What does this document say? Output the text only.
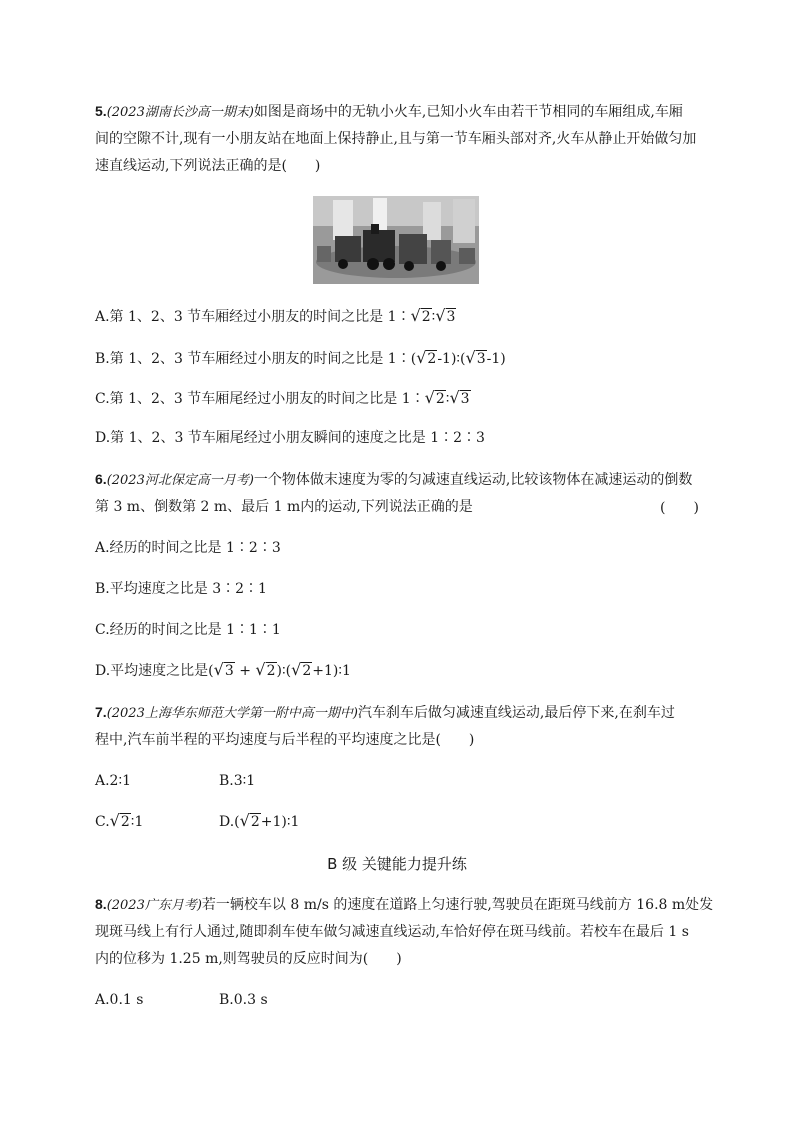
5.(2023湖南长沙高一期末)如图是商场中的无轨小火车,已知小火车由若干节相同的车厢组成,车厢
间的空隙不计,现有一小朋友站在地面上保持静止,且与第一节车厢头部对齐,火车从静止开始做匀加
速直线运动,下列说法正确的是(　　)
A.第 1、2、3 节车厢经过小朋友的时间之比是 1∶√2∶√3
B.第 1、2、3 节车厢经过小朋友的时间之比是 1∶(√2-1)∶(√3-1)
C.第 1、2、3 节车厢尾经过小朋友的时间之比是 1∶√2∶√3
D.第 1、2、3 节车厢尾经过小朋友瞬间的速度之比是 1∶2∶3
6.(2023河北保定高一月考)一个物体做末速度为零的匀减速直线运动,比较该物体在减速运动的倒数
第 3 m、倒数第 2 m、最后 1 m内的运动,下列说法正确的是	(　　)
A.经历的时间之比是 1∶2∶3
B.平均速度之比是 3∶2∶1
C.经历的时间之比是 1∶1∶1
D.平均速度之比是(√3 + √2)∶(√2+1)∶1
7.(2023上海华东师范大学第一附中高一期中)汽车刹车后做匀减速直线运动,最后停下来,在刹车过
程中,汽车前半程的平均速度与后半程的平均速度之比是(　　)
A.2∶1	B.3∶1
C.√2∶1	D.(√2+1)∶1
B 级 关键能力提升练
8.(2023广东月考)若一辆校车以 8 m/s 的速度在道路上匀速行驶,驾驶员在距斑马线前方 16.8 m处发
现斑马线上有行人通过,随即刹车使车做匀减速直线运动,车恰好停在斑马线前。若校车在最后 1 s
内的位移为 1.25 m,则驾驶员的反应时间为(　　)
A.0.1 s	B.0.3 s
